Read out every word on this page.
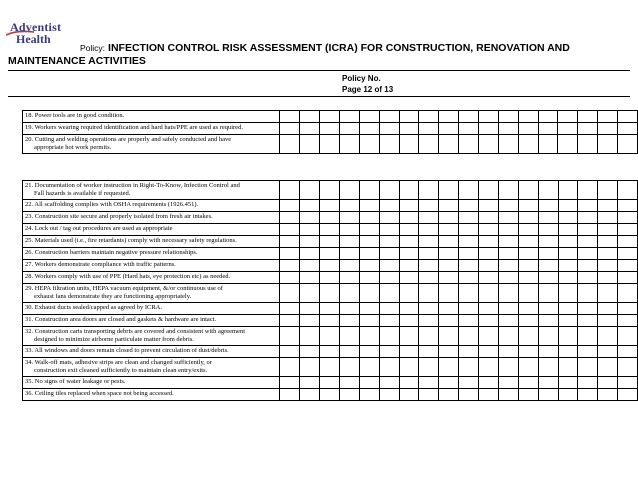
Adventist
Health
Policy: INFECTION CONTROL RISK ASSESSMENT (ICRA) FOR CONSTRUCTION, RENOVATION AND MAINTENANCE ACTIVITIES
Policy No.
Page 12 of 13
18. Power tools are in good condition.																		
19. Workers wearing required identification and hard hats/PPE are used as required.																		
20. Cutting and welding operations are properly and safely conducted and have
appropriate hot work permits.																		

21. Documentation of worker instruction in Right-To-Know, Infection Control and
Fall hazards is available if requested.																		

22. All scaffolding complies with OSHA requirements (1926.451).																		
23. Construction site secure and properly isolated from fresh air intakes.																		
24. Lock out / tag out procedures are used as appropriate																		
25. Materials used (i.e., fire retardants) comply with necessary safety regulations.																		
26. Construction barriers maintain negative pressure relationships.																		
27. Workers demonstrate compliance with traffic patterns.																		
28. Workers comply with use of PPE (Hard hats, eye protection etc) as needed.																		
29. HEPA filtration units, HEPA vacuum equipment, &/or continuous use of
exhaust fans demonstrate they are functioning appropriately.																		

30. Exhaust ducts sealed/capped as agreed by ICRA.																		
31. Construction area doors are closed and gaskets & hardware are intact.																		
32. Construction carts transporting debris are covered and consistent with agreement
designed to minimize airborne particulate matter from debris.																		

33. All windows and doors remain closed to prevent circulation of dust/debris.																		
34. Walk-off mats, adhesive strips are clean and changed sufficiently, or
construction exit cleaned sufficiently to maintain clean entry/exits.																		

35. No signs of water leakage or pests.																		
36. Ceiling tiles replaced when space not being accessed.																		
